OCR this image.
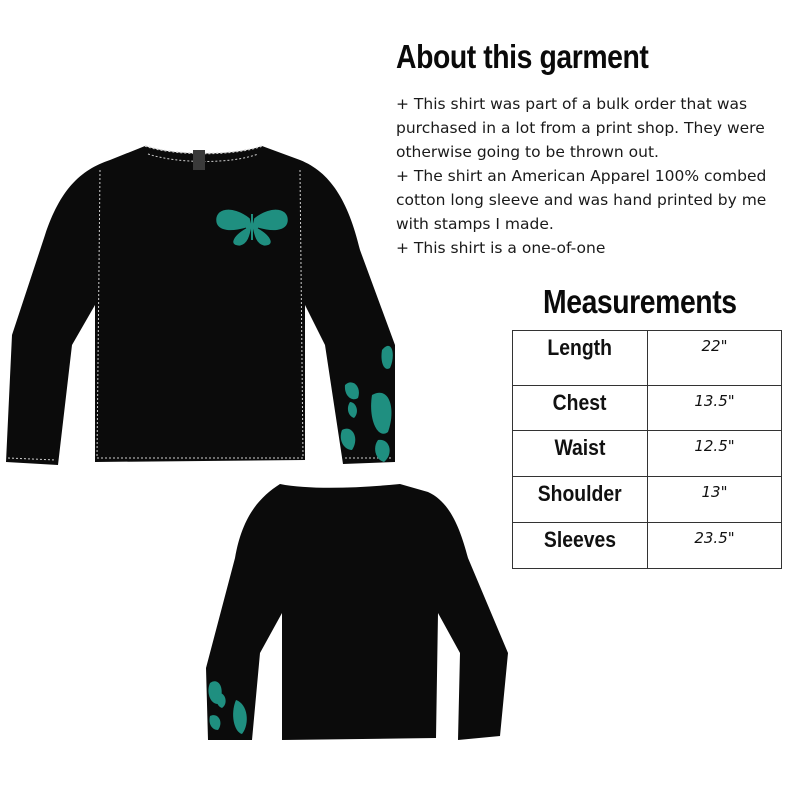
About this garment

+ This shirt was part of a bulk order that was purchased in a lot from a print shop. They were otherwise going to be thrown out.

+ The shirt an American Apparel 100% combed cotton long sleeve and was hand printed by me with stamps I made.

+ This shirt is a one-of-one

Measurements
Length	22"
Chest	13.5"
Waist	12.5"
Shoulder	13"
Sleeves	23.5"
